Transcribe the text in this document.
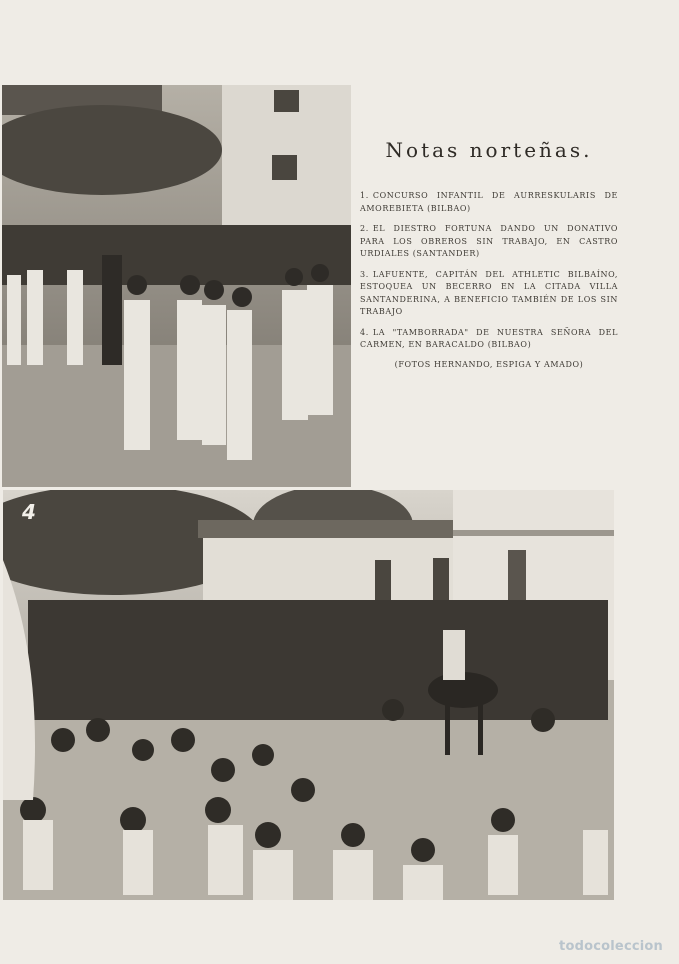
Notas norteñas.

1. CONCURSO INFANTIL DE AURRESKULARIS DE AMOREBIETA (BILBAO)

2. EL DIESTRO FORTUNA DANDO UN DONATIVO PARA LOS OBREROS SIN TRABAJO, EN CASTRO URDIALES (SANTANDER)

3. LAFUENTE, CAPITÁN DEL ATHLETIC BILBAÍNO, ESTOQUEA UN BECERRO EN LA CITADA VILLA SANTANDERINA, A BENEFICIO TAMBIÉN DE LOS SIN TRABAJO

4. LA "TAMBORRADA" DE NUESTRA SEÑORA DEL CARMEN, EN BARACALDO (BILBAO)

(FOTOS HERNANDO, ESPIGA Y AMADO)
4
todocoleccion
